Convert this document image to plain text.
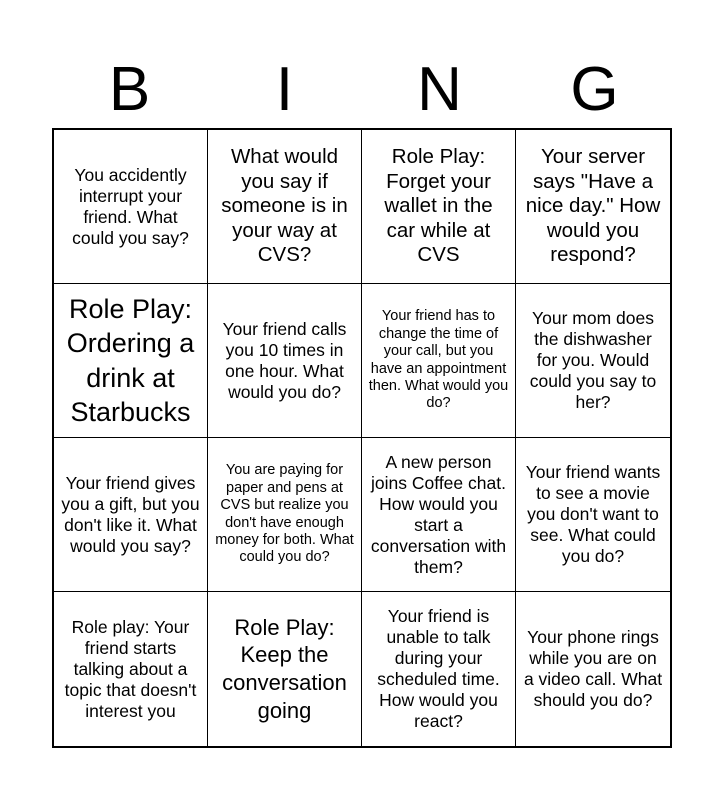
B	I	N	G
You accidently interrupt your friend. What could you say?
What would you say if someone is in your way at CVS?
Role Play: Forget your wallet in the car while at CVS
Your server says "Have a nice day." How would you respond?
Role Play: Ordering a drink at Starbucks
Your friend calls you 10 times in one hour. What would you do?
Your friend has to change the time of your call, but you have an appointment then. What would you do?
Your mom does the dishwasher for you. Would could you say to her?
Your friend gives you a gift, but you don't like it. What would you say?
You are paying for paper and pens at CVS but realize you don't have enough money for both. What could you do?
A new person joins Coffee chat. How would you start a conversation with them?
Your friend wants to see a movie you don't want to see. What could you do?
Role play: Your friend starts talking about a topic that doesn't interest you
Role Play: Keep the conversation going
Your friend is unable to talk during your scheduled time. How would you react?
Your phone rings while you are on a video call. What should you do?
